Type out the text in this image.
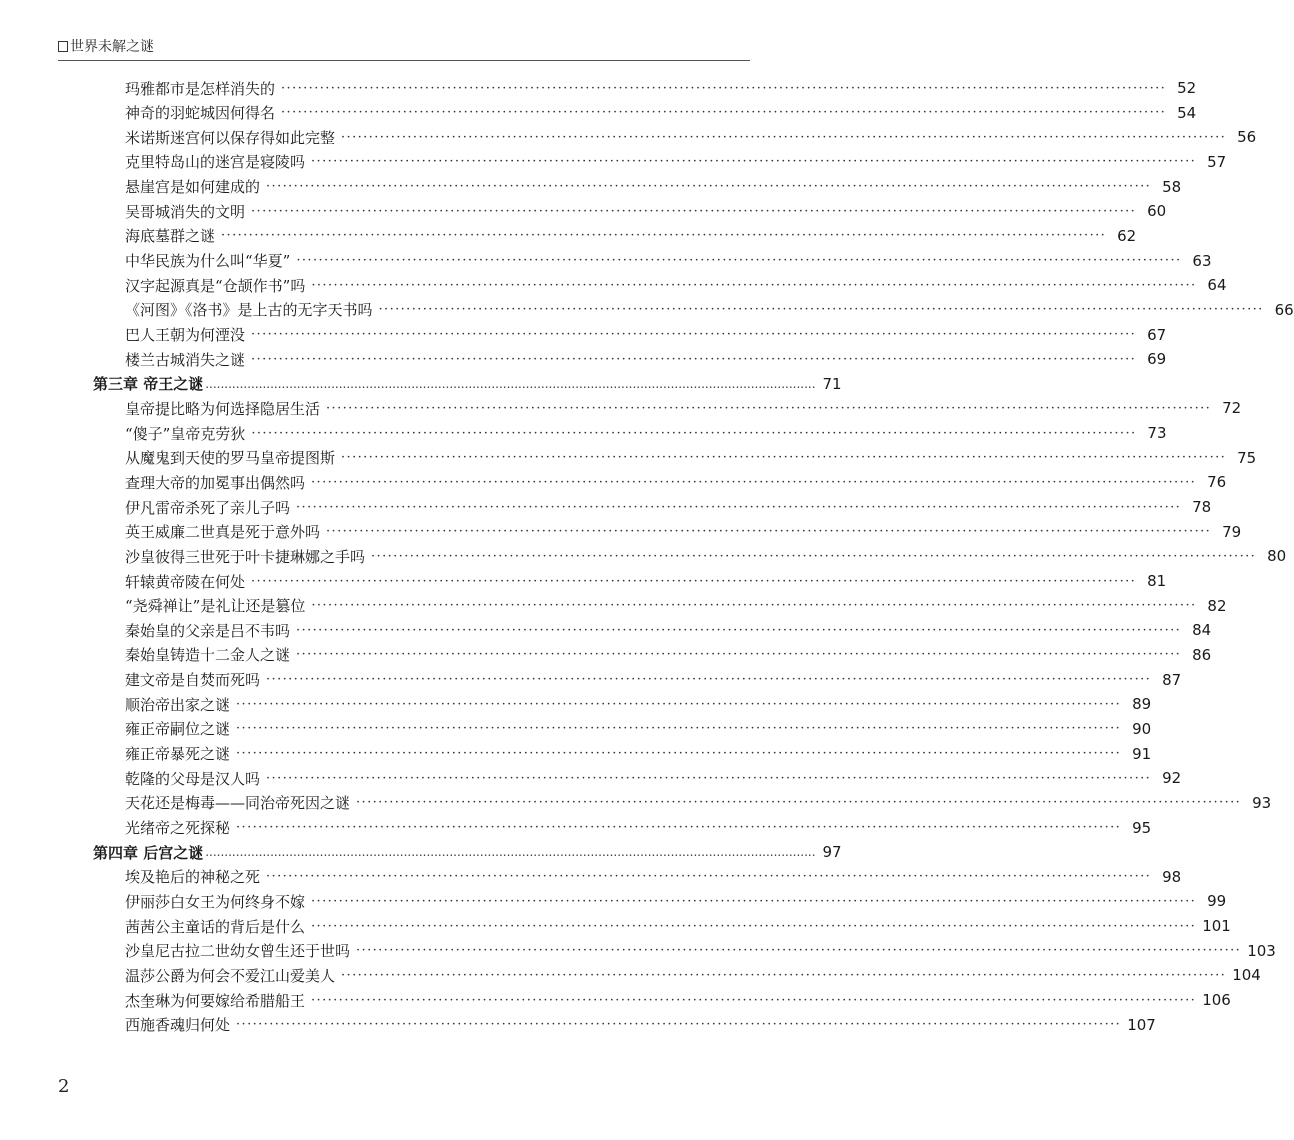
世界未解之谜
玛雅都市是怎样消失的 ································································································································································ 52
神奇的羽蛇城因何得名 ································································································································································ 54
米诺斯迷宫何以保存得如此完整 ································································································································································ 56
克里特岛山的迷宫是寝陵吗 ································································································································································ 57
悬崖宫是如何建成的 ································································································································································ 58
吴哥城消失的文明 ································································································································································ 60
海底墓群之谜 ································································································································································ 62
中华民族为什么叫“华夏” ································································································································································ 63
汉字起源真是“仓颉作书”吗 ································································································································································ 64
《河图》《洛书》是上古的无字天书吗 ································································································································································ 66
巴人王朝为何湮没 ································································································································································ 67
楼兰古城消失之谜 ································································································································································ 69
第三章 帝王之谜 ................................................................................................................................................................ 71
皇帝提比略为何选择隐居生活 ································································································································································ 72
“傻子”皇帝克劳狄 ································································································································································ 73
从魔鬼到天使的罗马皇帝提图斯 ································································································································································ 75
查理大帝的加冕事出偶然吗 ································································································································································ 76
伊凡雷帝杀死了亲儿子吗 ································································································································································ 78
英王威廉二世真是死于意外吗 ································································································································································ 79
沙皇彼得三世死于叶卡捷琳娜之手吗 ································································································································································ 80
轩辕黄帝陵在何处 ································································································································································ 81
“尧舜禅让”是礼让还是篡位 ································································································································································ 82
秦始皇的父亲是吕不韦吗 ································································································································································ 84
秦始皇铸造十二金人之谜 ································································································································································ 86
建文帝是自焚而死吗 ································································································································································ 87
顺治帝出家之谜 ································································································································································ 89
雍正帝嗣位之谜 ································································································································································ 90
雍正帝暴死之谜 ································································································································································ 91
乾隆的父母是汉人吗 ································································································································································ 92
天花还是梅毒——同治帝死因之谜 ································································································································································ 93
光绪帝之死探秘 ································································································································································ 95
第四章 后宫之谜 ................................................................................................................................................................ 97
埃及艳后的神秘之死 ································································································································································ 98
伊丽莎白女王为何终身不嫁 ································································································································································ 99
茜茜公主童话的背后是什么 ································································································································································ 101
沙皇尼古拉二世幼女曾生还于世吗 ································································································································································ 103
温莎公爵为何会不爱江山爱美人 ································································································································································ 104
杰奎琳为何要嫁给希腊船王 ································································································································································ 106
西施香魂归何处 ································································································································································ 107
2
